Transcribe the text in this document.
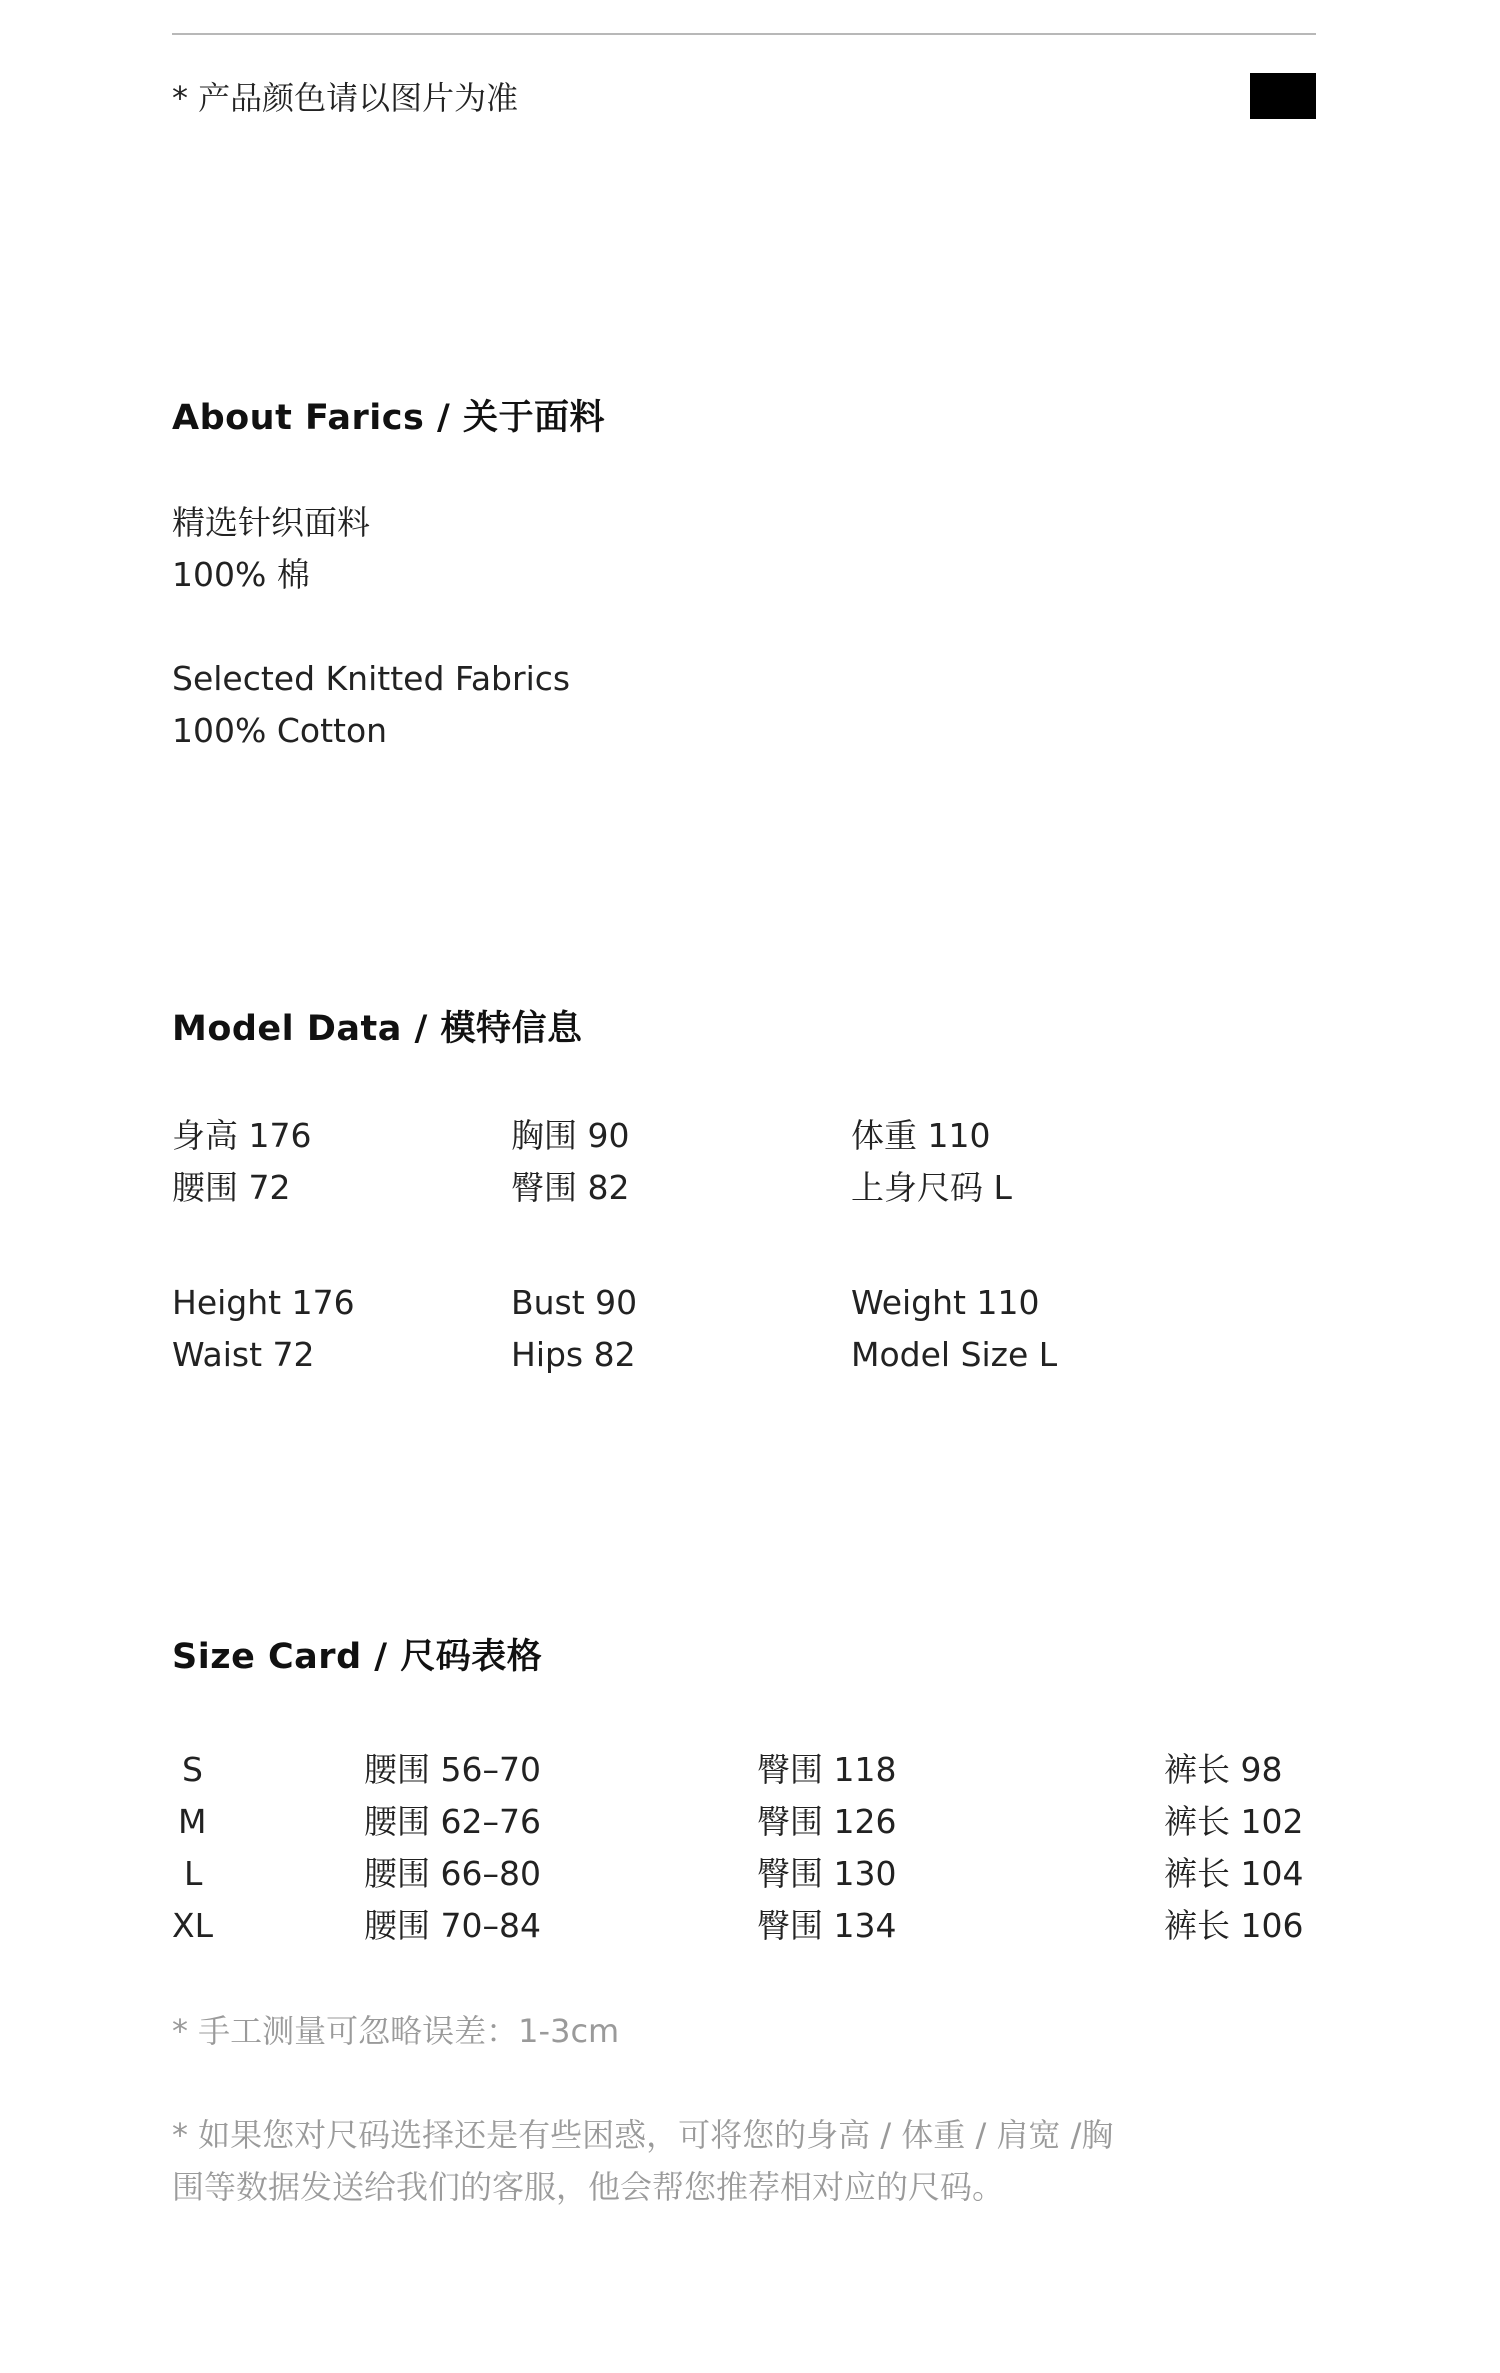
* 产品颜色请以图片为准
About Farics / 关于面料
精选针织面料
100% 棉
Selected Knitted Fabrics
100% Cotton
Model Data / 模特信息
身高 176	胸围 90	体重 110
腰围 72	臀围 82	上身尺码 L
Height 176	Bust 90	Weight 110
Waist 72	Hips 82	Model Size L
Size Card / 尺码表格
S	腰围 56–70	臀围 118	裤长 98
M	腰围 62–76	臀围 126	裤长 102
L	腰围 66–80	臀围 130	裤长 104
XL	腰围 70–84	臀围 134	裤长 106
* 手工测量可忽略误差：1-3cm
* 如果您对尺码选择还是有些困惑，可将您的身高 / 体重 / 肩宽 /胸
围等数据发送给我们的客服，他会帮您推荐相对应的尺码。
